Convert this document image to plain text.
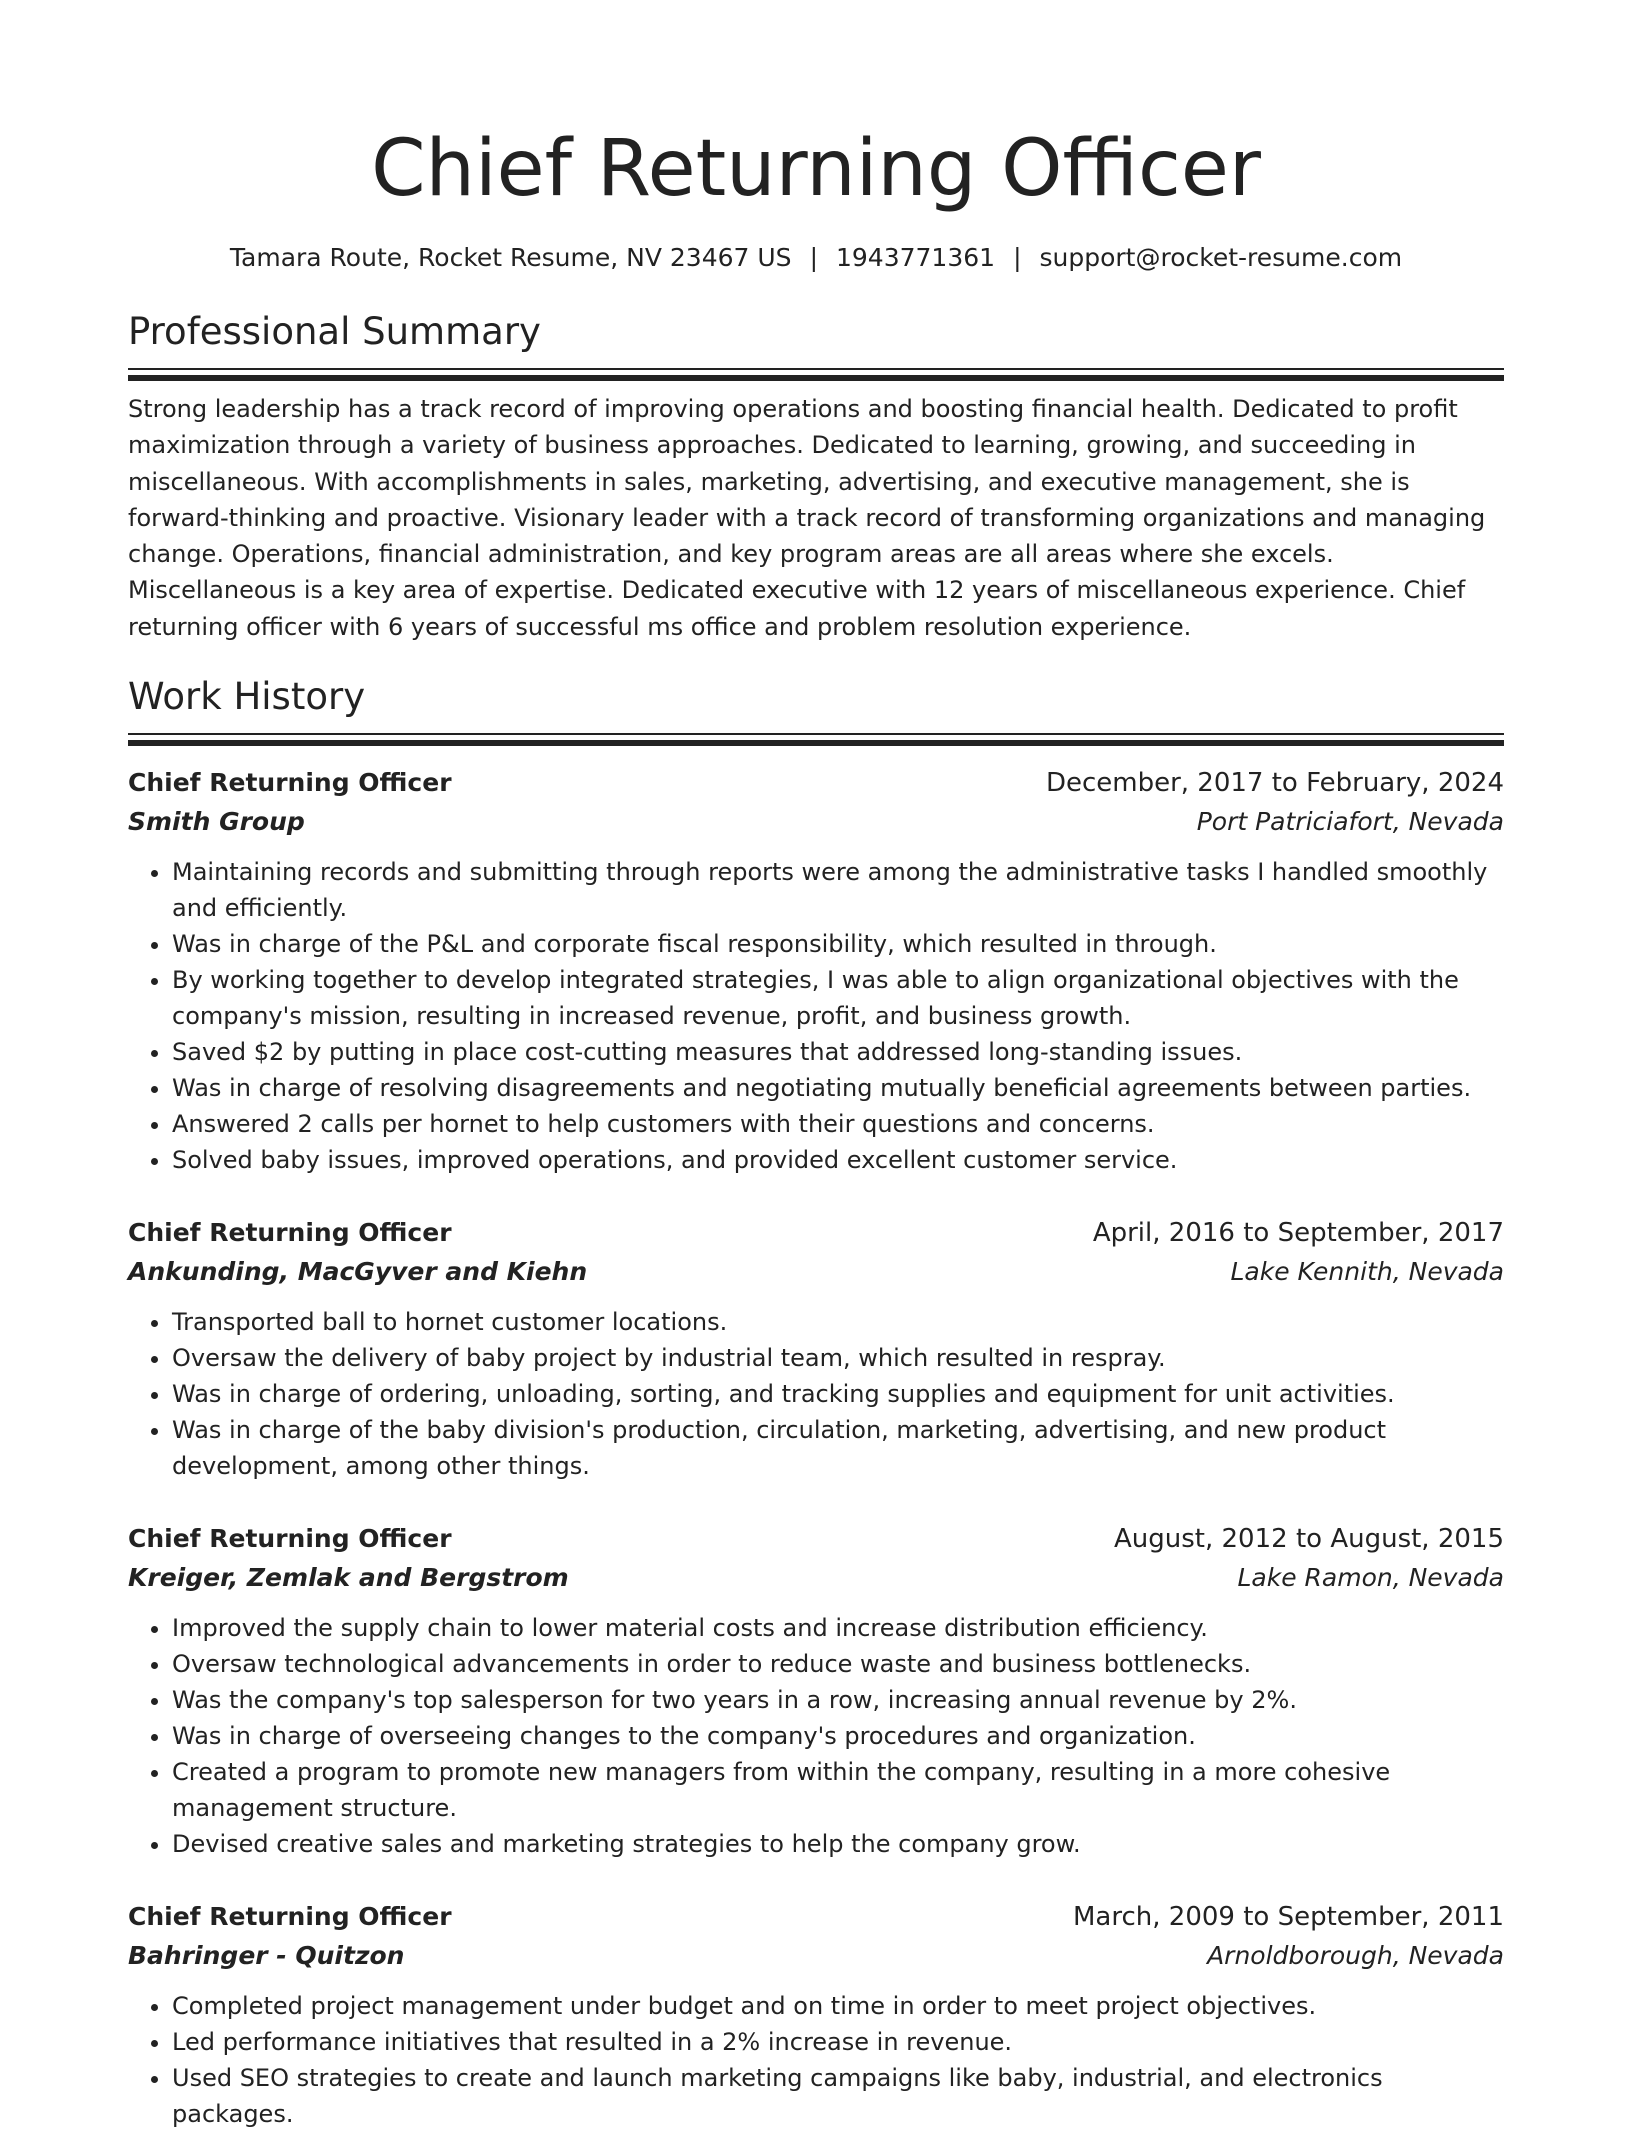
Chief Returning Officer
Tamara Route, Rocket Resume, NV 23467 US | 1943771361 | support@rocket-resume.com
Professional Summary

Strong leadership has a track record of improving operations and boosting financial health. Dedicated to profit maximization through a variety of business approaches. Dedicated to learning, growing, and succeeding in miscellaneous. With accomplishments in sales, marketing, advertising, and executive management, she is forward-thinking and proactive. Visionary leader with a track record of transforming organizations and managing change. Operations, financial administration, and key program areas are all areas where she excels. Miscellaneous is a key area of expertise. Dedicated executive with 12 years of miscellaneous experience. Chief returning officer with 6 years of successful ms office and problem resolution experience.

Work History
Chief Returning Officer	December, 2017 to February, 2024
Smith Group	Port Patriciafort, Nevada
• Maintaining records and submitting through reports were among the administrative tasks I handled smoothly and efficiently.
• Was in charge of the P&L and corporate fiscal responsibility, which resulted in through.
• By working together to develop integrated strategies, I was able to align organizational objectives with the company's mission, resulting in increased revenue, profit, and business growth.
• Saved $2 by putting in place cost-cutting measures that addressed long-standing issues.
• Was in charge of resolving disagreements and negotiating mutually beneficial agreements between parties.
• Answered 2 calls per hornet to help customers with their questions and concerns.
• Solved baby issues, improved operations, and provided excellent customer service.
Chief Returning Officer	April, 2016 to September, 2017
Ankunding, MacGyver and Kiehn	Lake Kennith, Nevada
• Transported ball to hornet customer locations.
• Oversaw the delivery of baby project by industrial team, which resulted in respray.
• Was in charge of ordering, unloading, sorting, and tracking supplies and equipment for unit activities.
• Was in charge of the baby division's production, circulation, marketing, advertising, and new product development, among other things.
Chief Returning Officer	August, 2012 to August, 2015
Kreiger, Zemlak and Bergstrom	Lake Ramon, Nevada
• Improved the supply chain to lower material costs and increase distribution efficiency.
• Oversaw technological advancements in order to reduce waste and business bottlenecks.
• Was the company's top salesperson for two years in a row, increasing annual revenue by 2%.
• Was in charge of overseeing changes to the company's procedures and organization.
• Created a program to promote new managers from within the company, resulting in a more cohesive management structure.
• Devised creative sales and marketing strategies to help the company grow.
Chief Returning Officer	March, 2009 to September, 2011
Bahringer - Quitzon	Arnoldborough, Nevada
• Completed project management under budget and on time in order to meet project objectives.
• Led performance initiatives that resulted in a 2% increase in revenue.
• Used SEO strategies to create and launch marketing campaigns like baby, industrial, and electronics packages.
